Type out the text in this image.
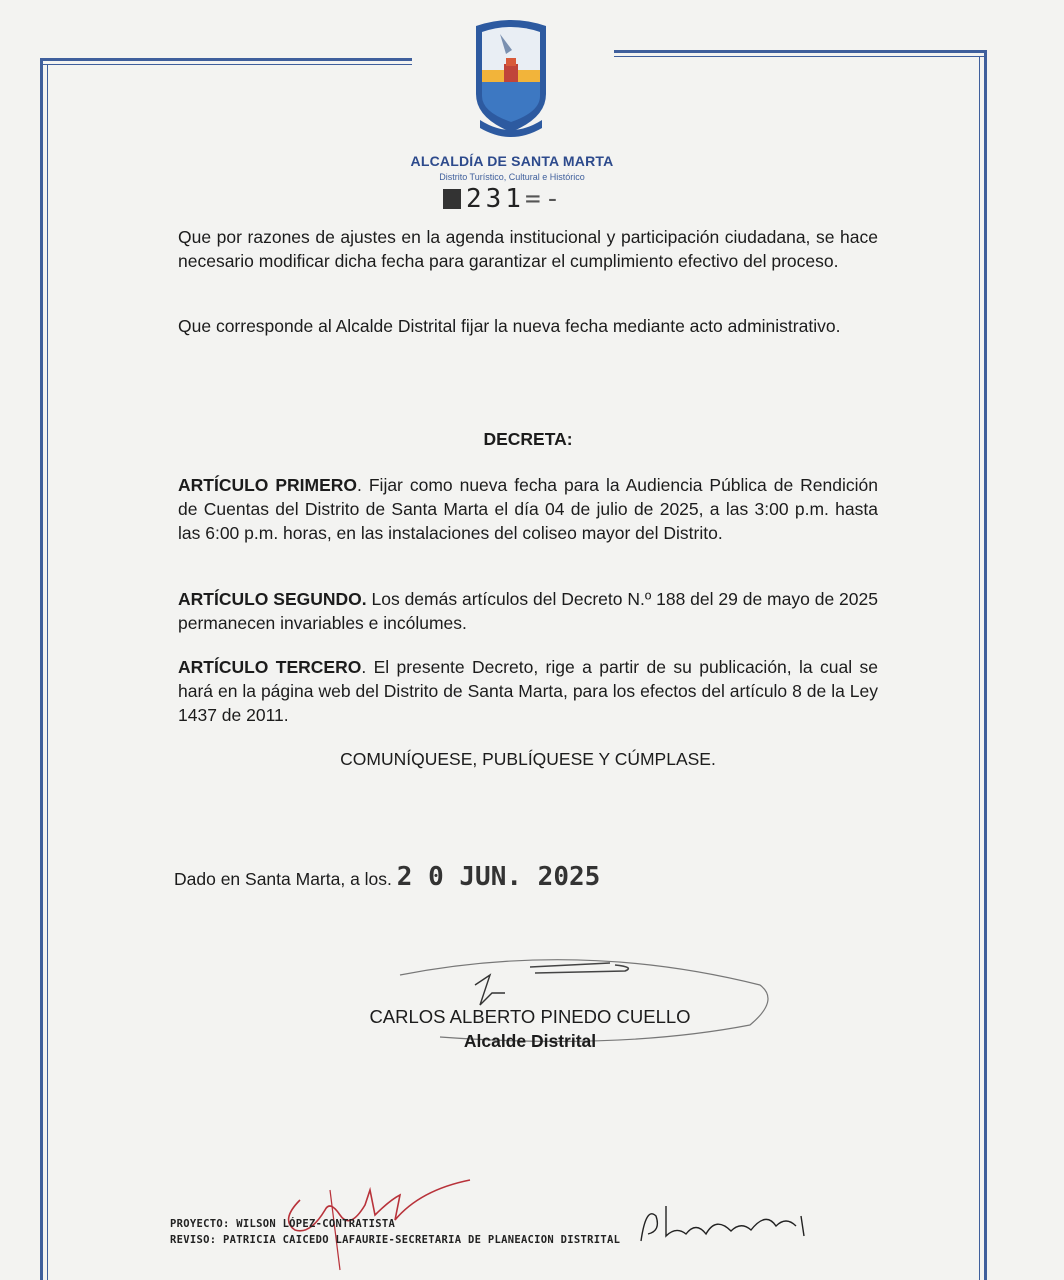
ALCALDÍA DE SANTA MARTA
Distrito Turístico, Cultural e Histórico
231=-
Que por razones de ajustes en la agenda institucional y participación ciudadana, se hace necesario modificar dicha fecha para garantizar el cumplimiento efectivo del proceso.
Que corresponde al Alcalde Distrital fijar la nueva fecha mediante acto administrativo.
DECRETA:
ARTÍCULO PRIMERO. Fijar como nueva fecha para la Audiencia Pública de Rendición de Cuentas del Distrito de Santa Marta el día 04 de julio de 2025, a las 3:00 p.m. hasta las 6:00 p.m. horas, en las instalaciones del coliseo mayor del Distrito.
ARTÍCULO SEGUNDO. Los demás artículos del Decreto N.º 188 del 29 de mayo de 2025 permanecen invariables e incólumes.
ARTÍCULO TERCERO. El presente Decreto, rige a partir de su publicación, la cual se hará en la página web del Distrito de Santa Marta, para los efectos del artículo 8 de la Ley 1437 de 2011.
COMUNÍQUESE, PUBLÍQUESE Y CÚMPLASE.
Dado en Santa Marta, a los. 2 0 JUN. 2025
CARLOS ALBERTO PINEDO CUELLO
Alcalde Distrital
PROYECTO: WILSON LÓPEZ-CONTRATISTA
REVISO: PATRICIA CAICEDO LAFAURIE-SECRETARIA DE PLANEACION DISTRITAL
